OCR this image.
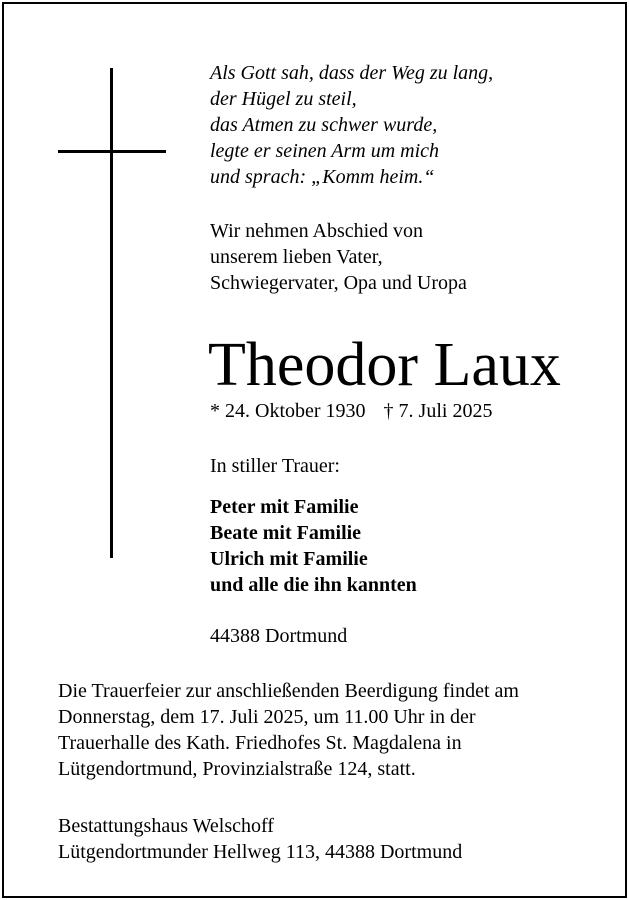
Als Gott sah, dass der Weg zu lang,
der Hügel zu steil,
das Atmen zu schwer wurde,
legte er seinen Arm um mich
und sprach: „Komm heim.“
Wir nehmen Abschied von
unserem lieben Vater,
Schwiegervater, Opa und Uropa
Theodor Laux
* 24. Oktober 1930 † 7. Juli 2025
In stiller Trauer:
Peter mit Familie
Beate mit Familie
Ulrich mit Familie
und alle die ihn kannten
44388 Dortmund
Die Trauerfeier zur anschließenden Beerdigung findet am
Donnerstag, dem 17. Juli 2025, um 11.00 Uhr in der
Trauerhalle des Kath. Friedhofes St. Magdalena in
Lütgendortmund, Provinzialstraße 124, statt.
Bestattungshaus Welschoff
Lütgendortmunder Hellweg 113, 44388 Dortmund
